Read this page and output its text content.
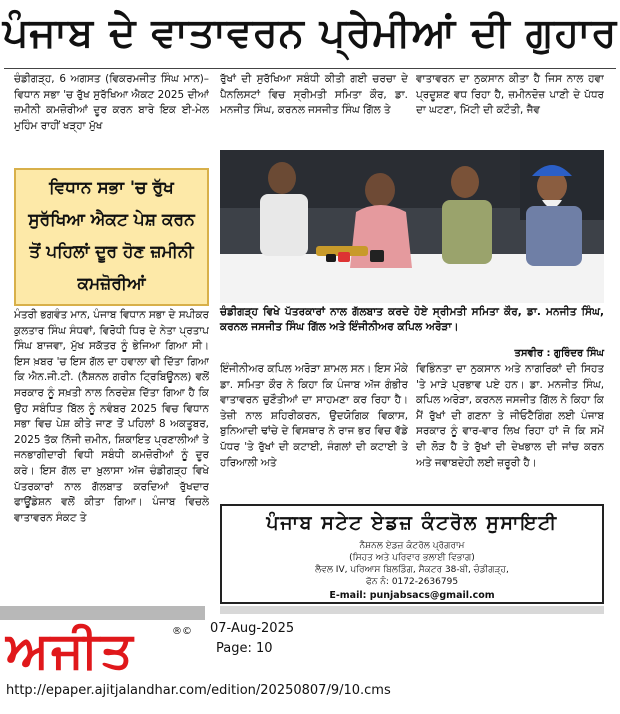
ਪੰਜਾਬ ਦੇ ਵਾਤਾਵਰਨ ਪ੍ਰੇਮੀਆਂ ਦੀ ਗੁਹਾਰ
ਚੰਡੀਗੜ੍ਹ, 6 ਅਗਸਤ (ਵਿਕਰਮਜੀਤ ਸਿੰਘ ਮਾਨ)–ਵਿਧਾਨ ਸਭਾ 'ਚ ਰੁੱਖ ਸੁਰੱਖਿਆ ਐਕਟ 2025 ਦੀਆਂ ਜ਼ਮੀਨੀ ਕਮਜ਼ੋਰੀਆਂ ਦੂਰ ਕਰਨ ਬਾਰੇ ਇਕ ਈ-ਮੇਲ ਮੁਹਿੰਮ ਰਾਹੀਂ ਖੜ੍ਹਾ ਮੁੱਖ
ਵਿਧਾਨ ਸਭਾ 'ਚ ਰੁੱਖ ਸੁਰੱਖਿਆ ਐਕਟ ਪੇਸ਼ ਕਰਨ ਤੋਂ ਪਹਿਲਾਂ ਦੂਰ ਹੋਣ ਜ਼ਮੀਨੀ ਕਮਜ਼ੋਰੀਆਂ
ਮੰਤਰੀ ਭਗਵੰਤ ਮਾਨ, ਪੰਜਾਬ ਵਿਧਾਨ ਸਭਾ ਦੇ ਸਪੀਕਰ ਕੁਲਤਾਰ ਸਿੰਘ ਸੰਧਵਾਂ, ਵਿਰੋਧੀ ਧਿਰ ਦੇ ਨੇਤਾ ਪ੍ਰਤਾਪ ਸਿੰਘ ਬਾਜਵਾ, ਮੁੱਖ ਸਕੱਤਰ ਨੂੰ ਭੇਜਿਆ ਗਿਆ ਸੀ। ਇਸ ਖ਼ਬਰ 'ਚ ਇਸ ਗੱਲ ਦਾ ਹਵਾਲਾ ਵੀ ਦਿੱਤਾ ਗਿਆ ਕਿ ਐਨ.ਜੀ.ਟੀ. (ਨੈਸ਼ਨਲ ਗਰੀਨ ਟ੍ਰਿਬਿਊਨਲ) ਵਲੋਂ ਸਰਕਾਰ ਨੂੰ ਸਖ਼ਤੀ ਨਾਲ ਨਿਰਦੇਸ਼ ਦਿੱਤਾ ਗਿਆ ਹੈ ਕਿ ਉਹ ਸਬੰਧਿਤ ਬਿੱਲ ਨੂੰ ਨਵੰਬਰ 2025 ਵਿਚ ਵਿਧਾਨ ਸਭਾ ਵਿਚ ਪੇਸ਼ ਕੀਤੇ ਜਾਣ ਤੋਂ ਪਹਿਲਾਂ 8 ਅਕਤੂਬਰ, 2025 ਤੱਕ ਨਿੱਜੀ ਜ਼ਮੀਨ, ਸ਼ਿਕਾਇਤ ਪ੍ਰਣਾਲੀਆਂ ਤੇ ਜਨਭਾਗੀਦਾਰੀ ਵਿਧੀ ਸਬੰਧੀ ਕਮਜ਼ੋਰੀਆਂ ਨੂੰ ਦੂਰ ਕਰੇ। ਇਸ ਗੱਲ ਦਾ ਖ਼ੁਲਾਸਾ ਅੱਜ ਚੰਡੀਗੜ੍ਹ ਵਿਖੇ ਪੱਤਰਕਾਰਾਂ ਨਾਲ ਗੱਲਬਾਤ ਕਰਦਿਆਂ ਰੁੱਖਦਾਰ ਫਾਊਂਡੇਸ਼ਨ ਵਲੋਂ ਕੀਤਾ ਗਿਆ। ਪੰਜਾਬ ਵਿਚਲੇ ਵਾਤਾਵਰਨ ਸੰਕਟ ਤੇ
ਰੁੱਖਾਂ ਦੀ ਸੁਰੱਖਿਆ ਸਬੰਧੀ ਕੀਤੀ ਗਈ ਚਰਚਾ ਦੇ ਪੈਨਲਿਸਟਾਂ ਵਿਚ ਸ੍ਰੀਮਤੀ ਸਮਿਤਾ ਕੌਰ, ਡਾ. ਮਨਜੀਤ ਸਿੰਘ, ਕਰਨਲ ਜਸਜੀਤ ਸਿੰਘ ਗਿੱਲ ਤੇ
ਵਾਤਾਵਰਨ ਦਾ ਨੁਕਸਾਨ ਕੀਤਾ ਹੈ ਜਿਸ ਨਾਲ ਹਵਾ ਪ੍ਰਦੂਸ਼ਣ ਵਧ ਰਿਹਾ ਹੈ, ਜ਼ਮੀਨਦੋਜ਼ ਪਾਣੀ ਦੇ ਪੱਧਰ ਦਾ ਘਟਣਾ, ਮਿੱਟੀ ਦੀ ਕਟੌਤੀ, ਜੈਵ
ਚੰਡੀਗੜ੍ਹ ਵਿਖੇ ਪੱਤਰਕਾਰਾਂ ਨਾਲ ਗੱਲਬਾਤ ਕਰਦੇ ਹੋਏ ਸ੍ਰੀਮਤੀ ਸਮਿਤਾ ਕੌਰ, ਡਾ. ਮਨਜੀਤ ਸਿੰਘ, ਕਰਨਲ ਜਸਜੀਤ ਸਿੰਘ ਗਿੱਲ ਅਤੇ ਇੰਜੀਨੀਅਰ ਕਪਿਲ ਅਰੋੜਾ।
ਤਸਵੀਰ : ਗੁਰਿੰਦਰ ਸਿੰਘ
ਇੰਜੀਨੀਅਰ ਕਪਿਲ ਅਰੋੜਾ ਸ਼ਾਮਲ ਸਨ। ਇਸ ਮੌਕੇ ਡਾ. ਸਮਿਤਾ ਕੌਰ ਨੇ ਕਿਹਾ ਕਿ ਪੰਜਾਬ ਅੱਜ ਗੰਭੀਰ ਵਾਤਾਵਰਨ ਚੁਣੌਤੀਆਂ ਦਾ ਸਾਹਮਣਾ ਕਰ ਰਿਹਾ ਹੈ। ਤੇਜ਼ੀ ਨਾਲ ਸ਼ਹਿਰੀਕਰਨ, ਉਦਯੋਗਿਕ ਵਿਕਾਸ, ਬੁਨਿਆਦੀ ਢਾਂਚੇ ਦੇ ਵਿਸਥਾਰ ਨੇ ਰਾਜ ਭਰ ਵਿਚ ਵੱਡੇ ਪੱਧਰ 'ਤੇ ਰੁੱਖਾਂ ਦੀ ਕਟਾਈ, ਜੰਗਲਾਂ ਦੀ ਕਟਾਈ ਤੇ ਹਰਿਆਲੀ ਅਤੇ
ਵਿਭਿੰਨਤਾ ਦਾ ਨੁਕਸਾਨ ਅਤੇ ਨਾਗਰਿਕਾਂ ਦੀ ਸਿਹਤ 'ਤੇ ਮਾੜੇ ਪ੍ਰਭਾਵ ਪਏ ਹਨ। ਡਾ. ਮਨਜੀਤ ਸਿੰਘ, ਕਪਿਲ ਅਰੋੜਾ, ਕਰਨਲ ਜਸਜੀਤ ਗਿੱਲ ਨੇ ਕਿਹਾ ਕਿ ਮੈਂ ਰੁੱਖਾਂ ਦੀ ਗਣਨਾ ਤੇ ਜੀਓਟੈਗਿੰਗ ਲਈ ਪੰਜਾਬ ਸਰਕਾਰ ਨੂੰ ਵਾਰ-ਵਾਰ ਲਿਖ ਰਿਹਾ ਹਾਂ ਜੋ ਕਿ ਸਮੇਂ ਦੀ ਲੋੜ ਹੈ ਤੇ ਰੁੱਖਾਂ ਦੀ ਦੇਖਭਾਲ ਦੀ ਜਾਂਚ ਕਰਨ ਅਤੇ ਜਵਾਬਦੇਹੀ ਲਈ ਜ਼ਰੂਰੀ ਹੈ।
ਪੰਜਾਬ ਸਟੇਟ ਏਡਜ਼ ਕੰਟਰੋਲ ਸੁਸਾਇਟੀ
ਨੈਸ਼ਨਲ ਏਡਜ਼ ਕੰਟਰੋਲ ਪ੍ਰੋਗਰਾਮ
(ਸਿਹਤ ਅਤੇ ਪਰਿਵਾਰ ਭਲਾਈ ਵਿਭਾਗ)
ਲੈਵਲ IV, ਪਰਿਆਸ ਬਿਲਡਿੰਗ, ਸੈਕਟਰ 38-ਬੀ, ਚੰਡੀਗੜ੍ਹ,
ਫੋਨ ਨੰ: 0172-2636795
E-mail: punjabsacs@gmail.com
ਅਜੀਤ	®© 07-Aug-2025
Page: 10
http://epaper.ajitjalandhar.com/edition/20250807/9/10.cms
